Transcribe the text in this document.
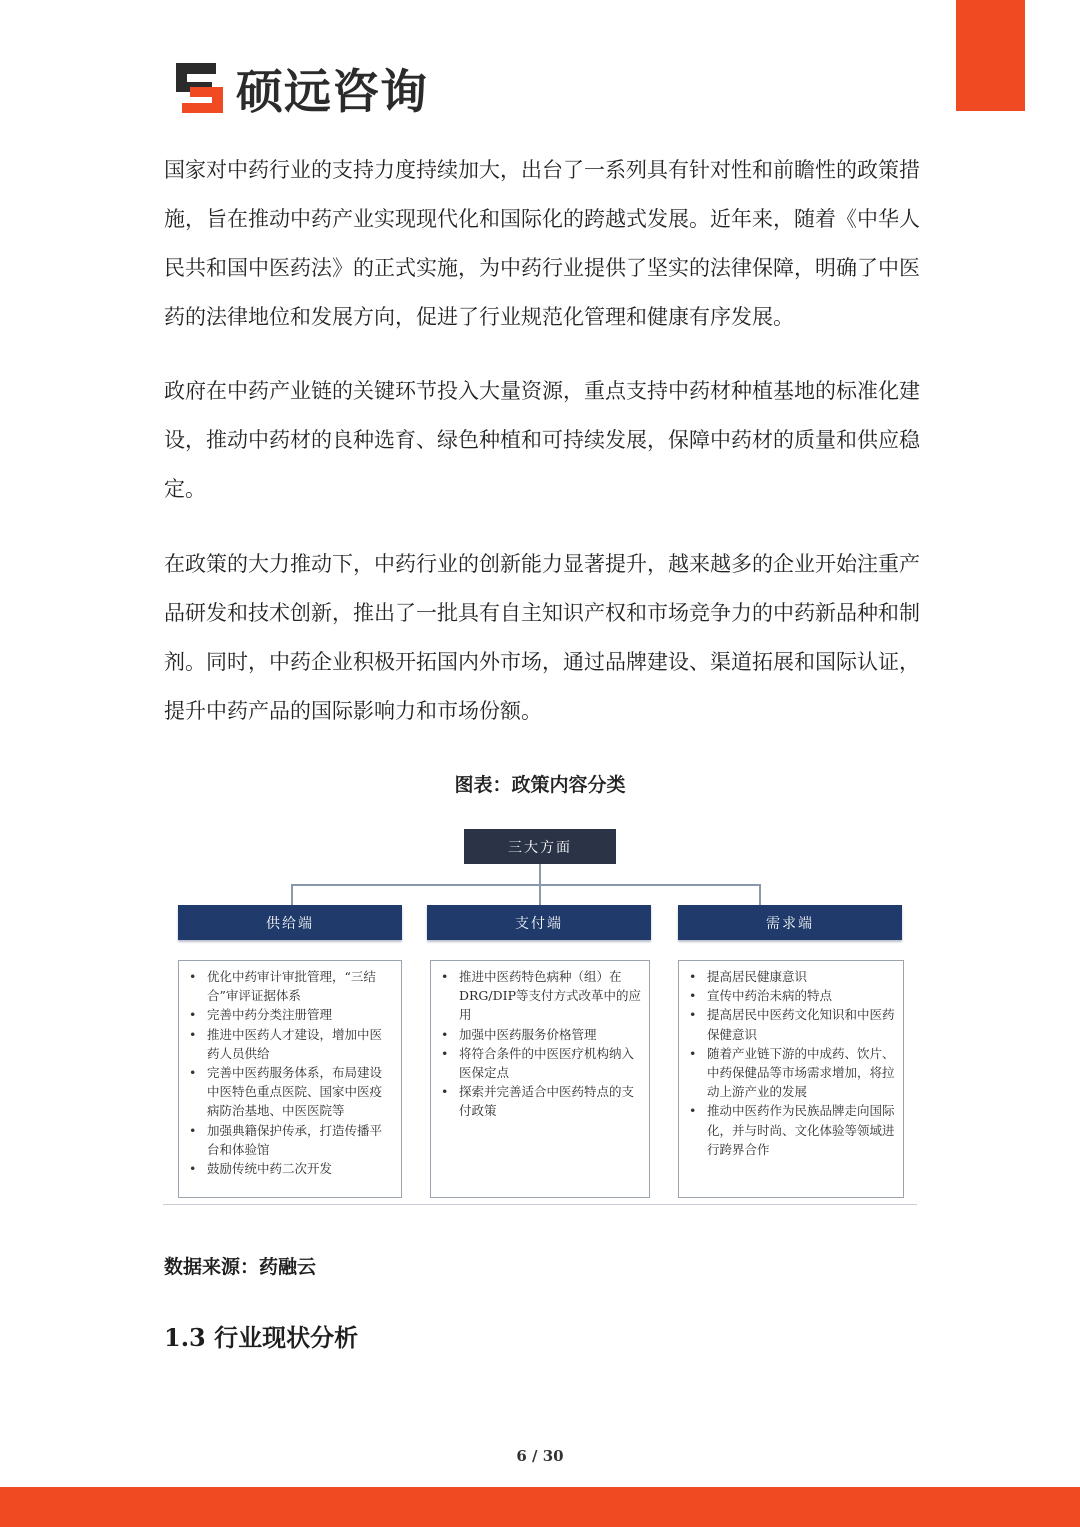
硕远咨询

国家对中药行业的支持力度持续加大，出台了一系列具有针对性和前瞻性的政策措施，旨在推动中药产业实现现代化和国际化的跨越式发展。近年来，随着《中华人民共和国中医药法》的正式实施，为中药行业提供了坚实的法律保障，明确了中医药的法律地位和发展方向，促进了行业规范化管理和健康有序发展。

政府在中药产业链的关键环节投入大量资源，重点支持中药材种植基地的标准化建设，推动中药材的良种选育、绿色种植和可持续发展，保障中药材的质量和供应稳定。

在政策的大力推动下，中药行业的创新能力显著提升，越来越多的企业开始注重产品研发和技术创新，推出了一批具有自主知识产权和市场竞争力的中药新品种和制剂。同时，中药企业积极开拓国内外市场，通过品牌建设、渠道拓展和国际认证，提升中药产品的国际影响力和市场份额。

图表：政策内容分类
三大方面
供给端	支付端	需求端
• 优化中药审计审批管理，“三结合”审评证据体系
• 完善中药分类注册管理
• 推进中医药人才建设，增加中医药人员供给
• 完善中医药服务体系，布局建设中医特色重点医院、国家中医疫病防治基地、中医医院等
• 加强典籍保护传承，打造传播平台和体验馆
• 鼓励传统中药二次开发
• 推进中医药特色病种（组）在DRG/DIP等支付方式改革中的应用
• 加强中医药服务价格管理
• 将符合条件的中医医疗机构纳入医保定点
• 探索并完善适合中医药特点的支付政策
• 提高居民健康意识
• 宣传中药治未病的特点
• 提高居民中医药文化知识和中医药保健意识
• 随着产业链下游的中成药、饮片、中药保健品等市场需求增加，将拉动上游产业的发展
• 推动中医药作为民族品牌走向国际化，并与时尚、文化体验等领域进行跨界合作
数据来源：药融云
1.3 行业现状分析
6 / 30
